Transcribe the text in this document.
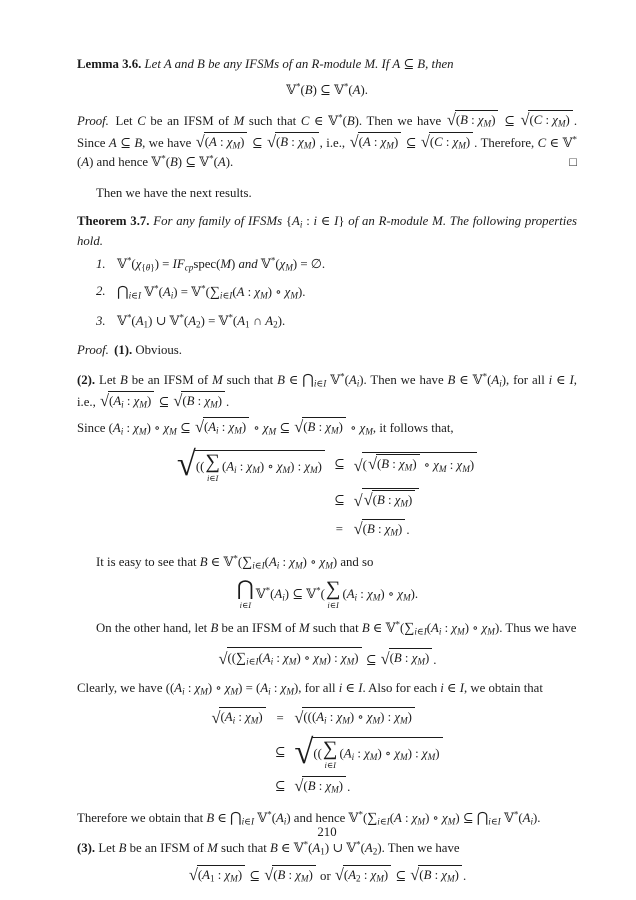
Lemma 3.6. Let A and B be any IFSMs of an R-module M. If A ⊆ B, then

𝕍*(B) ⊆ 𝕍*(A).

Proof. Let C be an IFSM of M such that C ∈ 𝕍*(B). Then we have √ (B : $\chi_M$) ⊆ √ (C : $\chi_M$) . Since A ⊆ B, we have √ (A : $\chi_M$) ⊆ √ (B : $\chi_M$) , i.e., √ (A : $\chi_M$) ⊆ √ (C : $\chi_M$) . Therefore, C ∈ 𝕍*(A) and hence 𝕍*(B) ⊆ 𝕍*(A).	□

Then we have the next results.

Theorem 3.7. For any family of IFSMs {$A_i$ : i ∈ I} of an R-module M. The following properties hold.

1. $𝕍^*(\chi_{\{\theta\}})$ = $IF_{cp}spec(M)$ and $𝕍^*(\chi_M)$ = ∅.
2. $⋂_{i\in I}$ $𝕍^*(A_i)$ = $𝕍^*(\sum_{i\in I}(A$ : $\chi_M$) ∘ $\chi_M$).
3. $𝕍^*(A_1)$ ∪ $𝕍^*(A_2)$ = $𝕍^*(A_1$ ∩ $A_2$).

Proof. (1). Obvious.

(2). Let B be an IFSM of M such that B ∈ $⋂_{i\in I}$ $𝕍^*(A_i)$. Then we have B ∈ $𝕍^*(A_i)$, for all i ∈ I, i.e., √ ($A_i$ : $\chi_M$) ⊆ √ (B : $\chi_M$) .

Since ($A_i$ : $\chi_M$) ∘ $\chi_M$ ⊆ √ ($A_i$ : $\chi_M$) ∘ $\chi_M$ ⊆ √ (B : $\chi_M$) ∘ $\chi_M$, it follows that,

√ (( ∑
i∈I
($A_i$ : $\chi_M$) ∘ $\chi_M$) : $\chi_M$)	⊆	√ ( √ (B : $\chi_M$) ∘ $\chi_M$ : $\chi_M$)

	⊆	√ √ (B : $\chi_M$)

	=	√ (B : $\chi_M$) .

It is easy to see that B ∈ $𝕍^*(\sum_{i\in I}(A_i$ : $\chi_M$) ∘ $\chi_M$) and so

⋂
i∈I
$𝕍^*(A_i)$ ⊆ 𝕍*( ∑
i∈I
($A_i$ : $\chi_M$) ∘ $\chi_M$).

On the other hand, let B be an IFSM of M such that B ∈ $𝕍^*(\sum_{i\in I}(A_i$ : $\chi_M$) ∘ $\chi_M$). Thus we have

√ (($\sum_{i\in I}(A_i$ : $\chi_M$) ∘ $\chi_M$) : $\chi_M$) ⊆ √ (B : $\chi_M$) .

Clearly, we have (($A_i$ : $\chi_M$) ∘ $\chi_M) = (A_i$ : $\chi_M$), for all i ∈ I. Also for each i ∈ I, we obtain that

√ ($A_i$ : $\chi_M$)	=	√ ((($A_i$ : $\chi_M$) ∘ $\chi_M$) : $\chi_M$)

	⊆	√ (( ∑
i∈I
($A_i$ : $\chi_M$) ∘ $\chi_M$) : $\chi_M$)

	⊆	√ (B : $\chi_M$) .

Therefore we obtain that B ∈ $⋂_{i\in I}$ $𝕍^*(A_i)$ and hence $𝕍^*(\sum_{i\in I}(A$ : $\chi_M$) ∘ $\chi_M$) ⊆ $⋂_{i\in I}$ $𝕍^*(A_i)$.

(3). Let B be an IFSM of M such that B ∈ $𝕍^*(A_1)$ ∪ $𝕍^*(A_2)$. Then we have

√ ($A_1$ : $\chi_M$) ⊆ √ (B : $\chi_M$) or √ ($A_2$ : $\chi_M$) ⊆ √ (B : $\chi_M$) .
210
